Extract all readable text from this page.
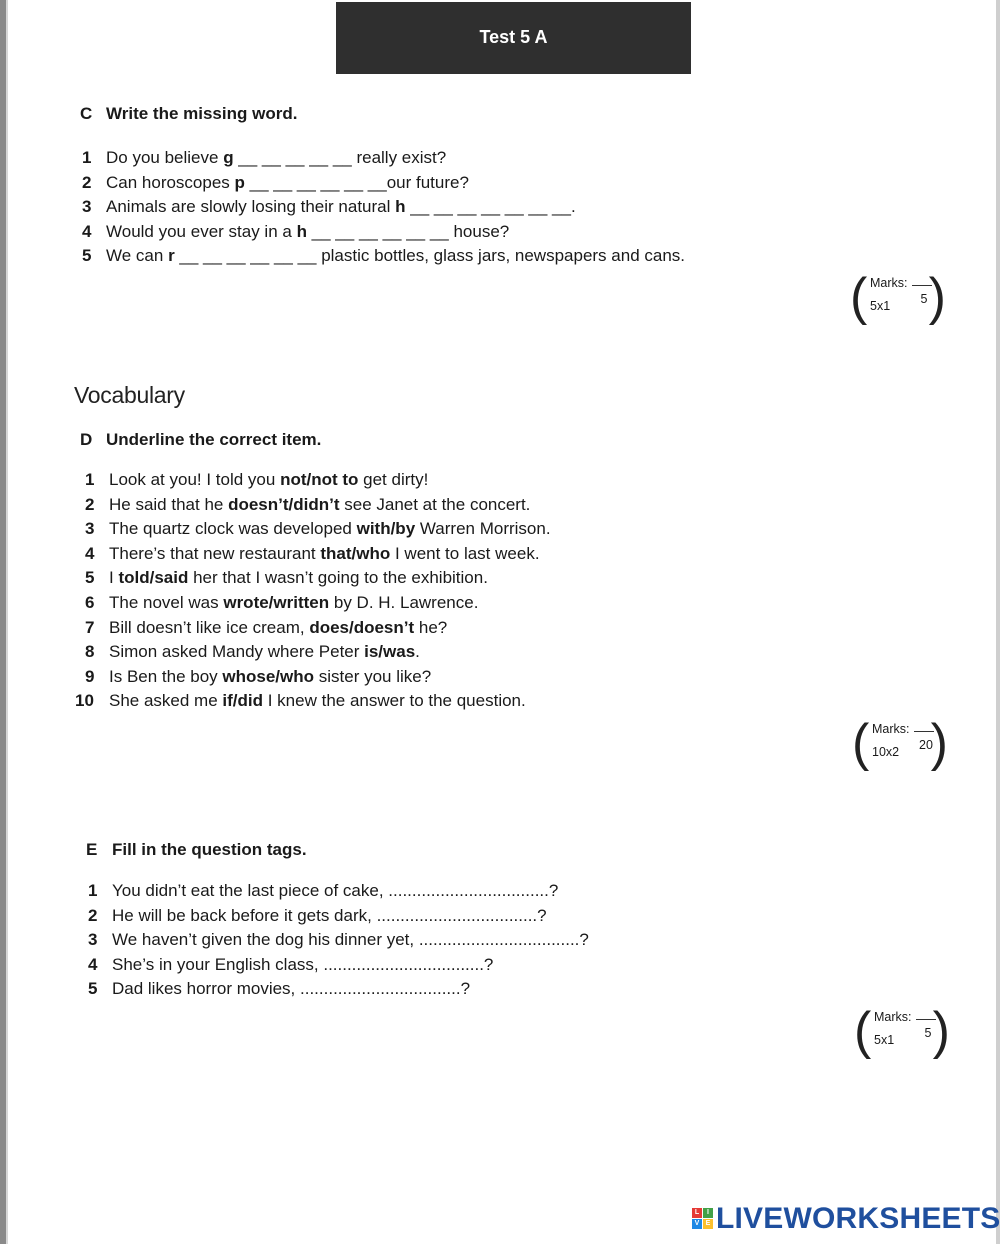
Test 5 A
C Write the missing word.
1 Do you believe g __ __ __ __ __ really exist?
2 Can horoscopes p __ __ __ __ __ __our future?
3 Animals are slowly losing their natural h __ __ __ __ __ __ __.
4 Would you ever stay in a h __ __ __ __ __ __ house?
5 We can r __ __ __ __ __ __ plastic bottles, glass jars, newspapers and cans.
( Marks:
5x1	5 )
Vocabulary
D Underline the correct item.
1 Look at you! I told you not/not to get dirty!
2 He said that he doesn’t/didn’t see Janet at the concert.
3 The quartz clock was developed with/by Warren Morrison.
4 There’s that new restaurant that/who I went to last week.
5 I told/said her that I wasn’t going to the exhibition.
6 The novel was wrote/written by D. H. Lawrence.
7 Bill doesn’t like ice cream, does/doesn’t he?
8 Simon asked Mandy where Peter is/was.
9 Is Ben the boy whose/who sister you like?
10 She asked me if/did I knew the answer to the question.
( Marks:
10x2 20
)
E Fill in the question tags.
1 You didn’t eat the last piece of cake, ..................................?
2 He will be back before it gets dark, ..................................?
3 We haven’t given the dog his dinner yet, ..................................?
4 She’s in your English class, ..................................?
5 Dad likes horror movies, ..................................?
( Marks:
5x1	5 )
L	I
V E LIVEWORKSHEETS
